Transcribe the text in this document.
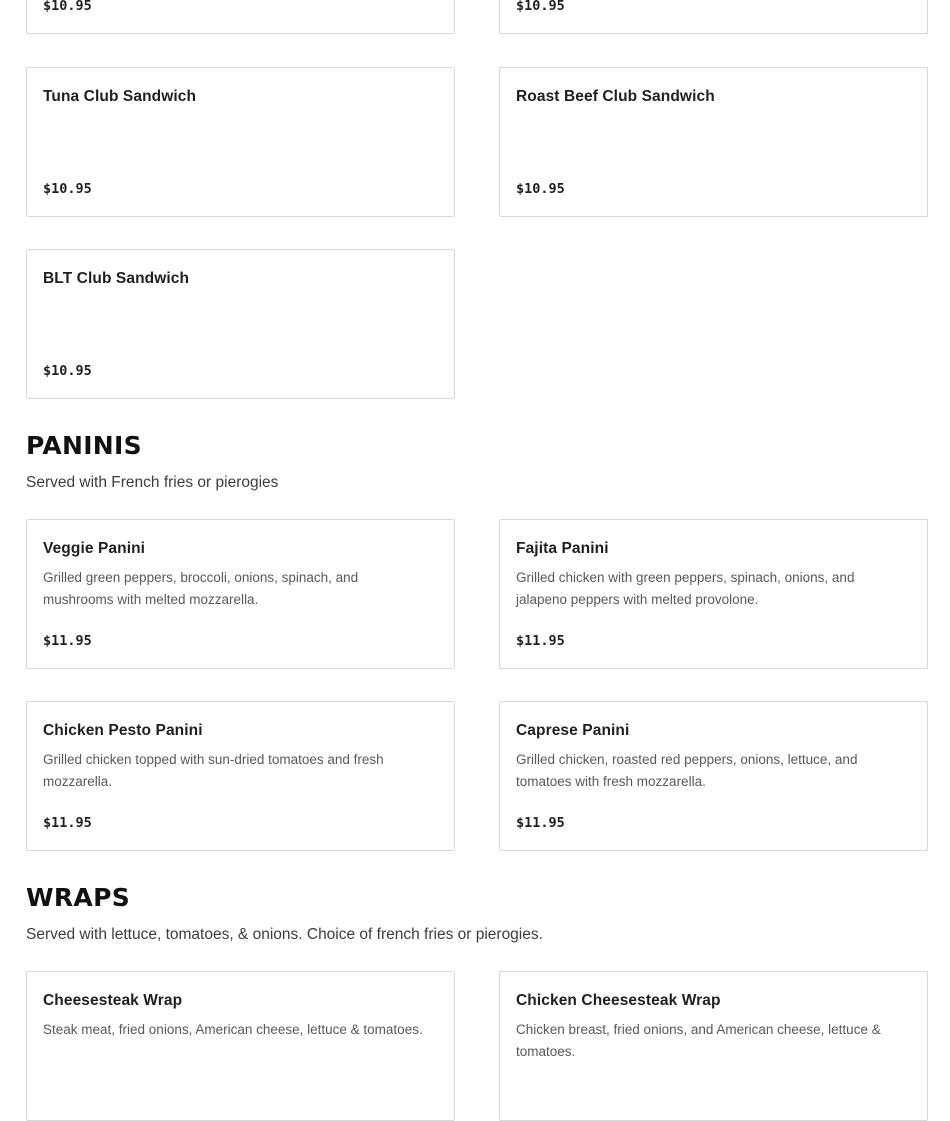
$10.95	$10.95
Tuna Club Sandwich
$10.95
Roast Beef Club Sandwich
$10.95
BLT Club Sandwich
$10.95
PANINIS
Served with French fries or pierogies
Veggie Panini
Grilled green peppers, broccoli, onions, spinach, and mushrooms with melted mozzarella.
$11.95
Fajita Panini
Grilled chicken with green peppers, spinach, onions, and jalapeno peppers with melted provolone.
$11.95
Chicken Pesto Panini
Grilled chicken topped with sun-dried tomatoes and fresh mozzarella.
$11.95
Caprese Panini
Grilled chicken, roasted red peppers, onions, lettuce, and tomatoes with fresh mozzarella.
$11.95
WRAPS
Served with lettuce, tomatoes, & onions. Choice of french fries or pierogies.
Cheesesteak Wrap
Steak meat, fried onions, American cheese, lettuce & tomatoes.
Chicken Cheesesteak Wrap
Chicken breast, fried onions, and American cheese, lettuce & tomatoes.
